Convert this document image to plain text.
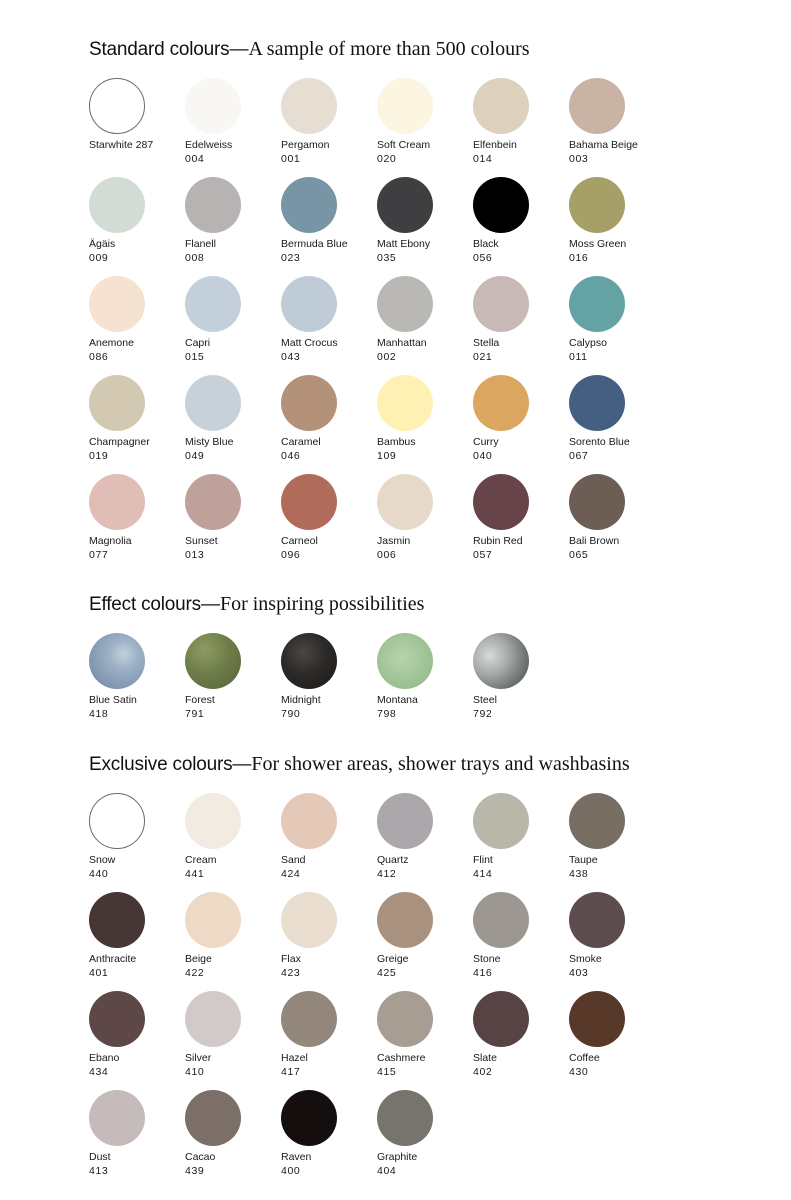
Standard colours—A sample of more than 500 colours
Starwhite 287	Edelweiss
004
Pergamon
001
Soft Cream
020
Elfenbein
014
Bahama Beige
003
Ägäis
009
Flanell
008
Bermuda Blue
023
Matt Ebony
035
Black
056
Moss Green
016
Anemone
086
Capri
015
Matt Crocus
043
Manhattan
002
Stella
021
Calypso
011
Champagner
019
Misty Blue
049
Caramel
046
Bambus
109
Curry
040
Sorento Blue
067
Magnolia
077
Sunset
013
Carneol
096
Jasmin
006
Rubin Red
057
Bali Brown
065
Effect colours—For inspiring possibilities
Blue Satin
418
Forest
791
Midnight
790
Montana
798
Steel
792
Exclusive colours—For shower areas, shower trays and washbasins
Snow
440
Cream
441
Sand
424
Quartz
412
Flint
414
Taupe
438
Anthracite
401
Beige
422
Flax
423
Greige
425
Stone
416
Smoke
403
Ebano
434
Silver
410
Hazel
417
Cashmere
415
Slate
402
Coffee
430
Dust
413
Cacao
439
Raven
400
Graphite
404
